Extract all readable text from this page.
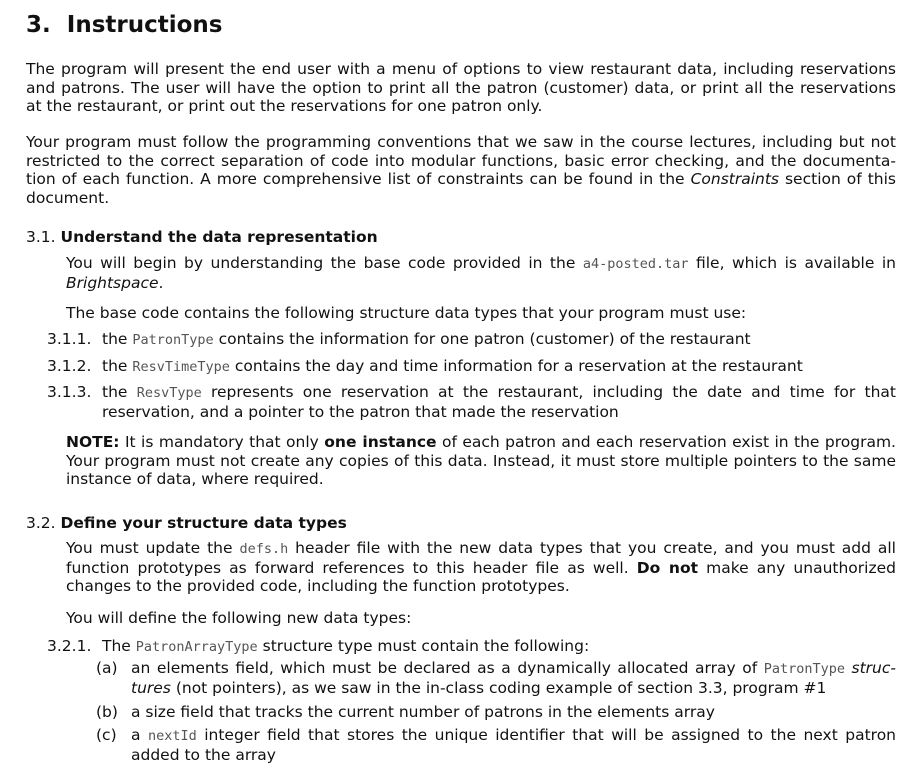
3. Instructions
The program will present the end user with a menu of options to view restaurant data, including reservations
and patrons. The user will have the option to print all the patron (customer) data, or print all the reservations
at the restaurant, or print out the reservations for one patron only.
Your program must follow the programming conventions that we saw in the course lectures, including but not
restricted to the correct separation of code into modular functions, basic error checking, and the documenta-
tion of each function. A more comprehensive list of constraints can be found in the Constraints section of this
document.
3.1. Understand the data representation
You will begin by understanding the base code provided in the a4-posted.tar file, which is available in
Brightspace.
The base code contains the following structure data types that your program must use:
3.1.1. the PatronType contains the information for one patron (customer) of the restaurant
3.1.2. the ResvTimeType contains the day and time information for a reservation at the restaurant
3.1.3. the ResvType represents one reservation at the restaurant, including the date and time for that
reservation, and a pointer to the patron that made the reservation
NOTE: It is mandatory that only one instance of each patron and each reservation exist in the program.
Your program must not create any copies of this data. Instead, it must store multiple pointers to the same
instance of data, where required.
3.2. Define your structure data types
You must update the defs.h header file with the new data types that you create, and you must add all
function prototypes as forward references to this header file as well. Do not make any unauthorized
changes to the provided code, including the function prototypes.
You will define the following new data types:
3.2.1. The PatronArrayType structure type must contain the following:
(a) an elements field, which must be declared as a dynamically allocated array of PatronType struc-
tures (not pointers), as we saw in the in-class coding example of section 3.3, program #1
(b) a size field that tracks the current number of patrons in the elements array
(c) a nextId integer field that stores the unique identifier that will be assigned to the next patron
added to the array
